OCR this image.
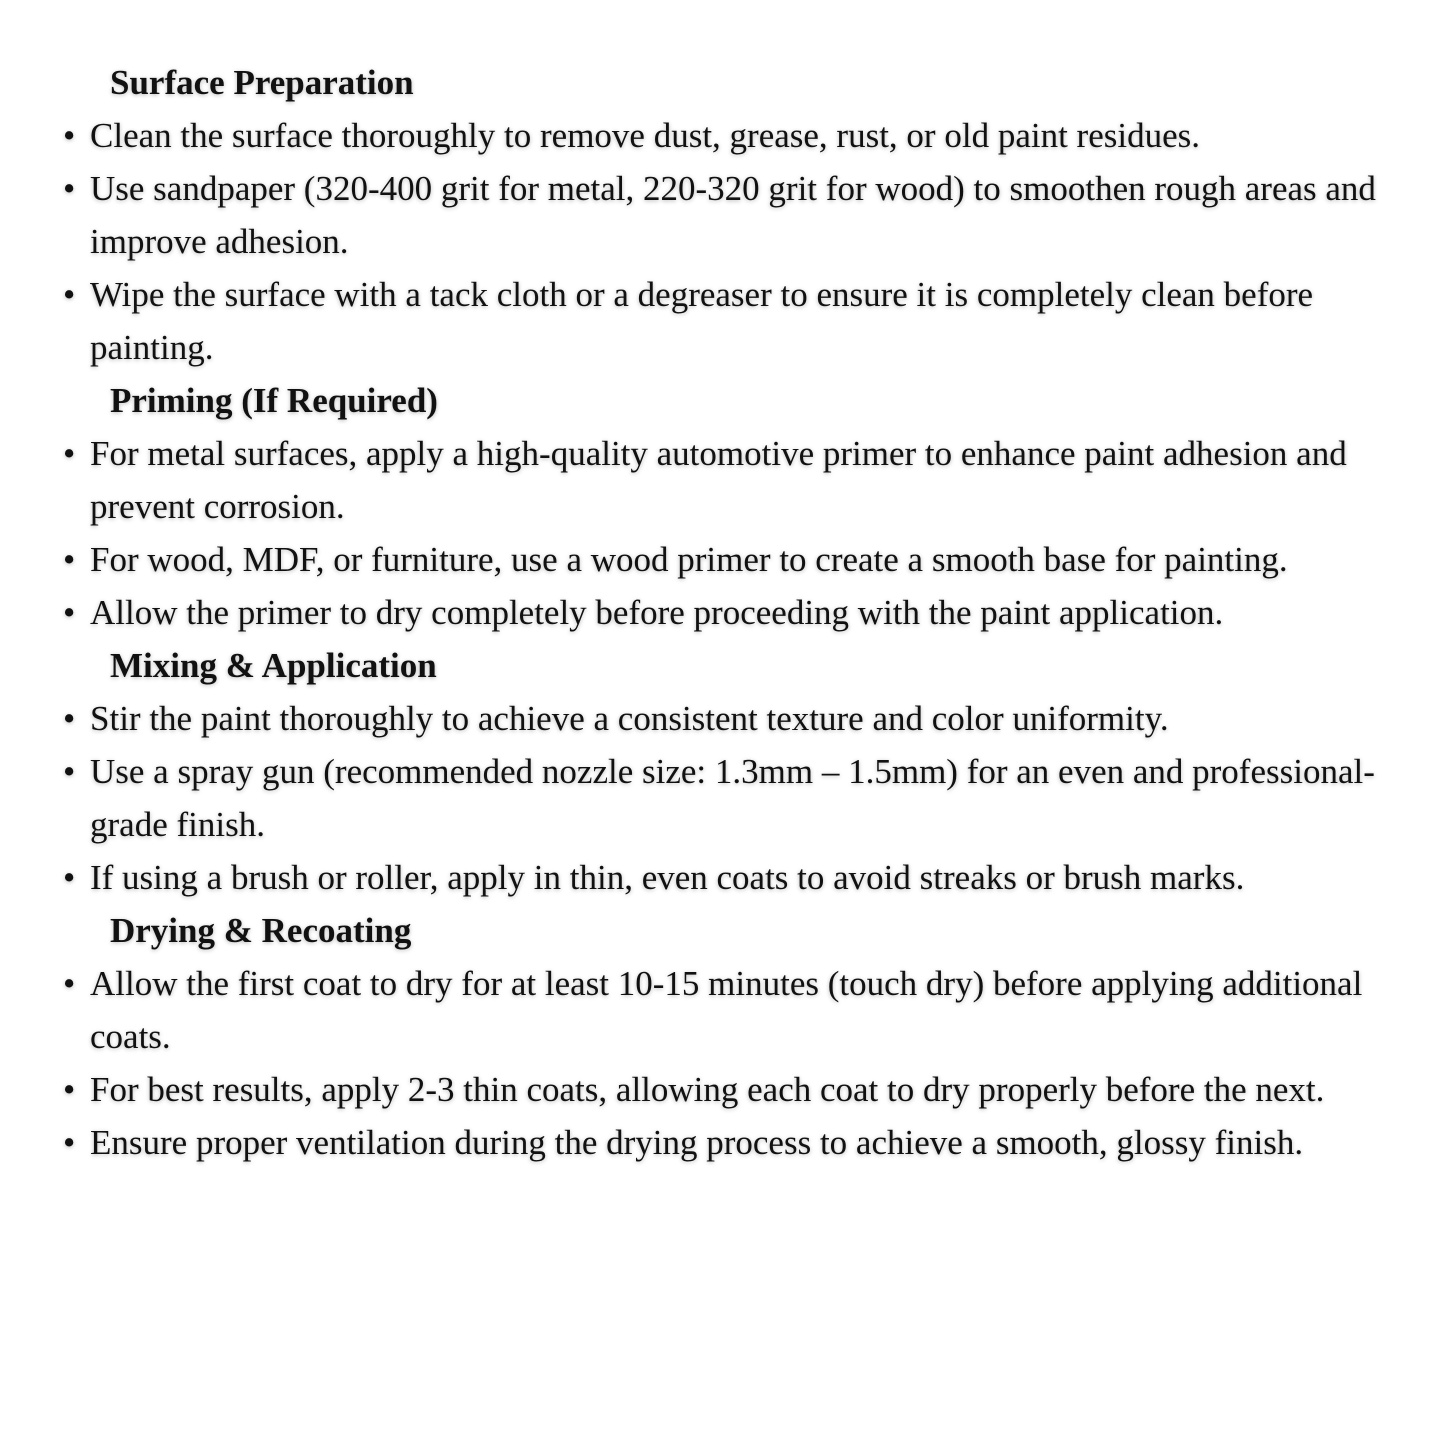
Surface Preparation
• Clean the surface thoroughly to remove dust, grease, rust, or old paint residues.
• Use sandpaper (320-400 grit for metal, 220-320 grit for wood) to smoothen rough areas and improve adhesion.
• Wipe the surface with a tack cloth or a degreaser to ensure it is completely clean before painting.
Priming (If Required)
• For metal surfaces, apply a high-quality automotive primer to enhance paint adhesion and prevent corrosion.
• For wood, MDF, or furniture, use a wood primer to create a smooth base for painting.
• Allow the primer to dry completely before proceeding with the paint application.
Mixing & Application
• Stir the paint thoroughly to achieve a consistent texture and color uniformity.
• Use a spray gun (recommended nozzle size: 1.3mm – 1.5mm) for an even and professional-grade finish.
• If using a brush or roller, apply in thin, even coats to avoid streaks or brush marks.
Drying & Recoating
• Allow the first coat to dry for at least 10-15 minutes (touch dry) before applying additional coats.
• For best results, apply 2-3 thin coats, allowing each coat to dry properly before the next.
• Ensure proper ventilation during the drying process to achieve a smooth, glossy finish.
